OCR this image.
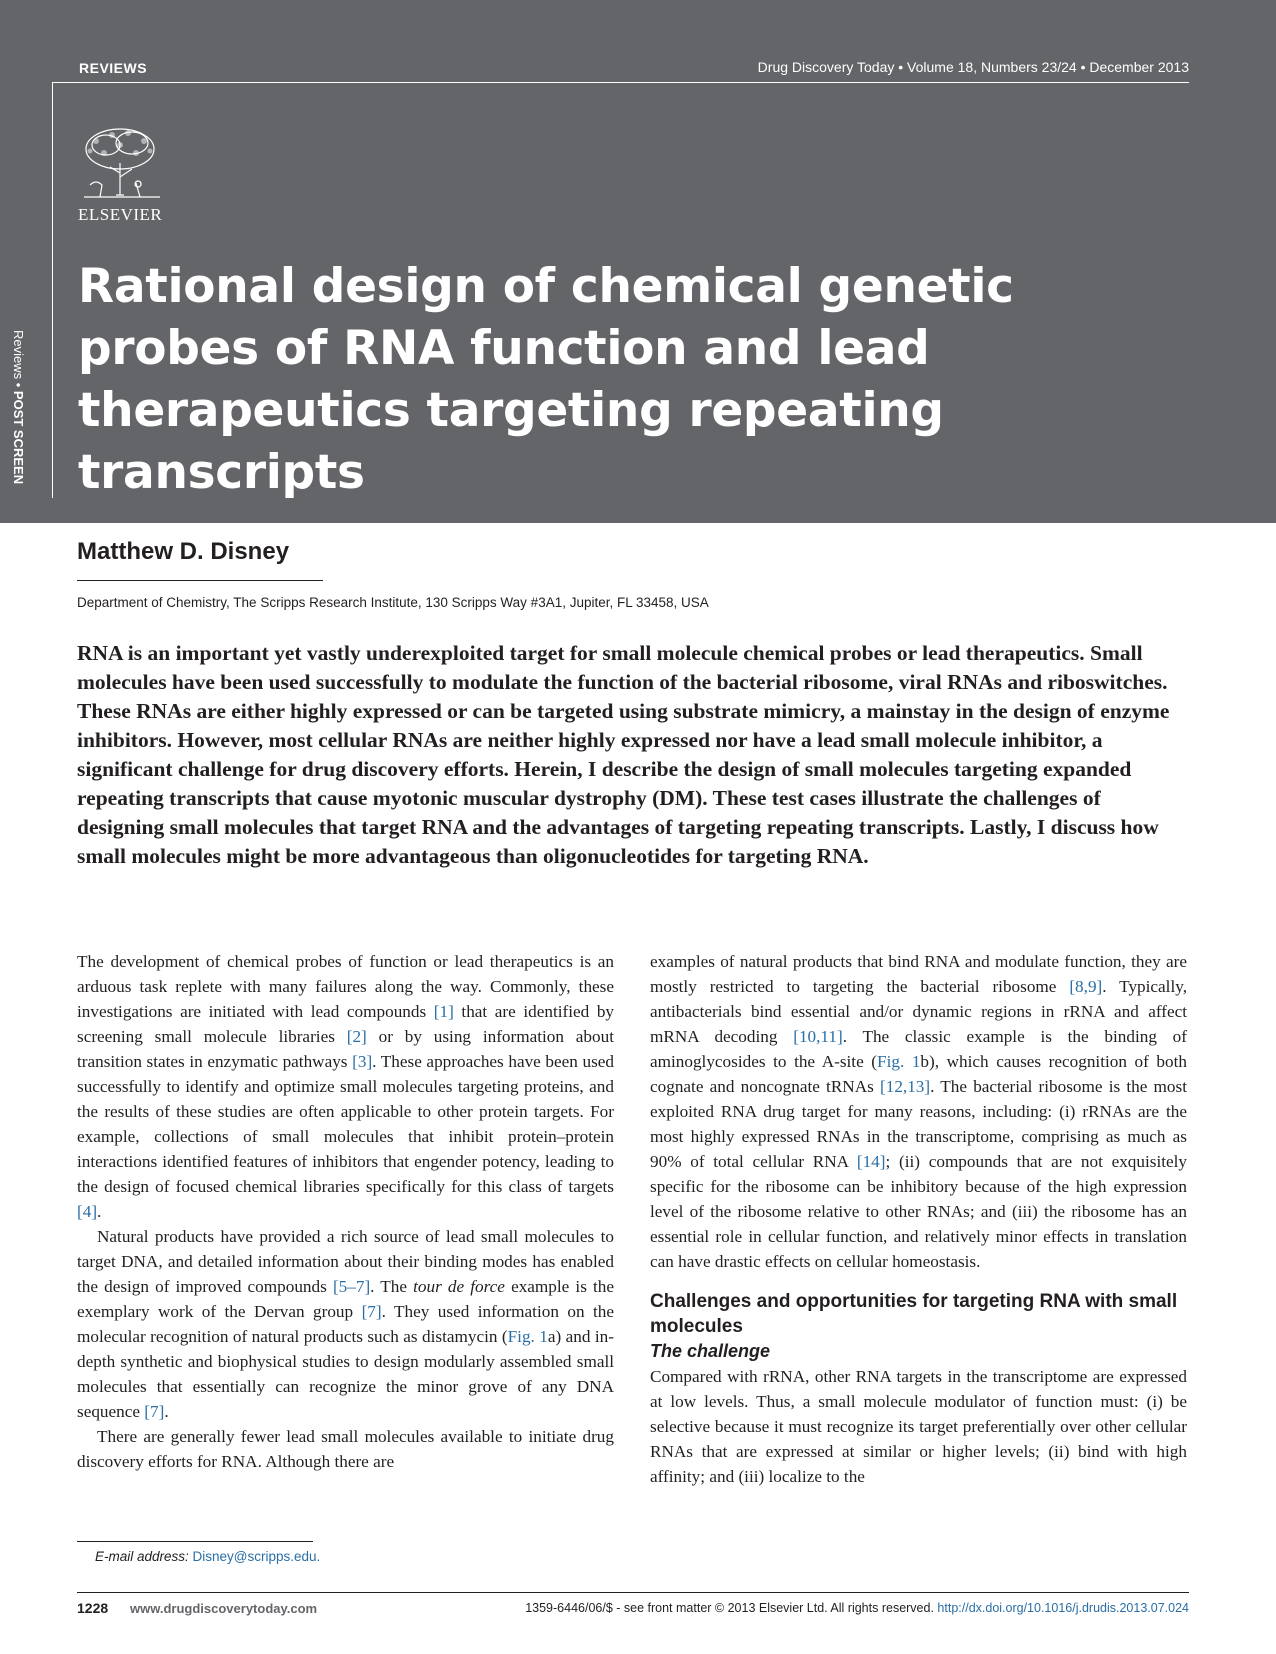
REVIEWS	Drug Discovery Today • Volume 18, Numbers 23/24 • December 2013
Reviews • POST SCREEN
ELSEVIER
Rational design of chemical genetic probes of RNA function and lead therapeutics targeting repeating transcripts
Matthew D. Disney
Department of Chemistry, The Scripps Research Institute, 130 Scripps Way #3A1, Jupiter, FL 33458, USA

RNA is an important yet vastly underexploited target for small molecule chemical probes or lead therapeutics. Small molecules have been used successfully to modulate the function of the bacterial ribosome, viral RNAs and riboswitches. These RNAs are either highly expressed or can be targeted using substrate mimicry, a mainstay in the design of enzyme inhibitors. However, most cellular RNAs are neither highly expressed nor have a lead small molecule inhibitor, a significant challenge for drug discovery efforts. Herein, I describe the design of small molecules targeting expanded repeating transcripts that cause myotonic muscular dystrophy (DM). These test cases illustrate the challenges of designing small molecules that target RNA and the advantages of targeting repeating transcripts. Lastly, I discuss how small molecules might be more advantageous than oligonucleotides for targeting RNA.

The development of chemical probes of function or lead therapeutics is an arduous task replete with many failures along the way. Commonly, these investigations are initiated with lead compounds [1] that are identified by screening small molecule libraries [2] or by using information about transition states in enzymatic pathways [3]. These approaches have been used successfully to identify and optimize small molecules targeting proteins, and the results of these studies are often applicable to other protein targets. For example, collections of small molecules that inhibit protein–protein interactions identified features of inhibitors that engender potency, leading to the design of focused chemical libraries specifically for this class of targets [4].

Natural products have provided a rich source of lead small molecules to target DNA, and detailed information about their binding modes has enabled the design of improved compounds [5–7]. The tour de force example is the exemplary work of the Dervan group [7]. They used information on the molecular recognition of natural products such as distamycin (Fig. 1a) and in-depth synthetic and biophysical studies to design modularly assembled small molecules that essentially can recognize the minor grove of any DNA sequence [7].

There are generally fewer lead small molecules available to initiate drug discovery efforts for RNA. Although there are

examples of natural products that bind RNA and modulate function, they are mostly restricted to targeting the bacterial ribosome [8,9]. Typically, antibacterials bind essential and/or dynamic regions in rRNA and affect mRNA decoding [10,11]. The classic example is the binding of aminoglycosides to the A-site (Fig. 1b), which causes recognition of both cognate and noncognate tRNAs [12,13]. The bacterial ribosome is the most exploited RNA drug target for many reasons, including: (i) rRNAs are the most highly expressed RNAs in the transcriptome, comprising as much as 90% of total cellular RNA [14]; (ii) compounds that are not exquisitely specific for the ribosome can be inhibitory because of the high expression level of the ribosome relative to other RNAs; and (iii) the ribosome has an essential role in cellular function, and relatively minor effects in translation can have drastic effects on cellular homeostasis.

Challenges and opportunities for targeting RNA with small molecules
The challenge

Compared with rRNA, other RNA targets in the transcriptome are expressed at low levels. Thus, a small molecule modulator of function must: (i) be selective because it must recognize its target preferentially over other cellular RNAs that are expressed at similar or higher levels; (ii) bind with high affinity; and (iii) localize to the

E-mail address: Disney@scripps.edu.
1228 www.drugdiscoverytoday.com	1359-6446/06/$ - see front matter © 2013 Elsevier Ltd. All rights reserved. http://dx.doi.org/10.1016/j.drudis.2013.07.024
